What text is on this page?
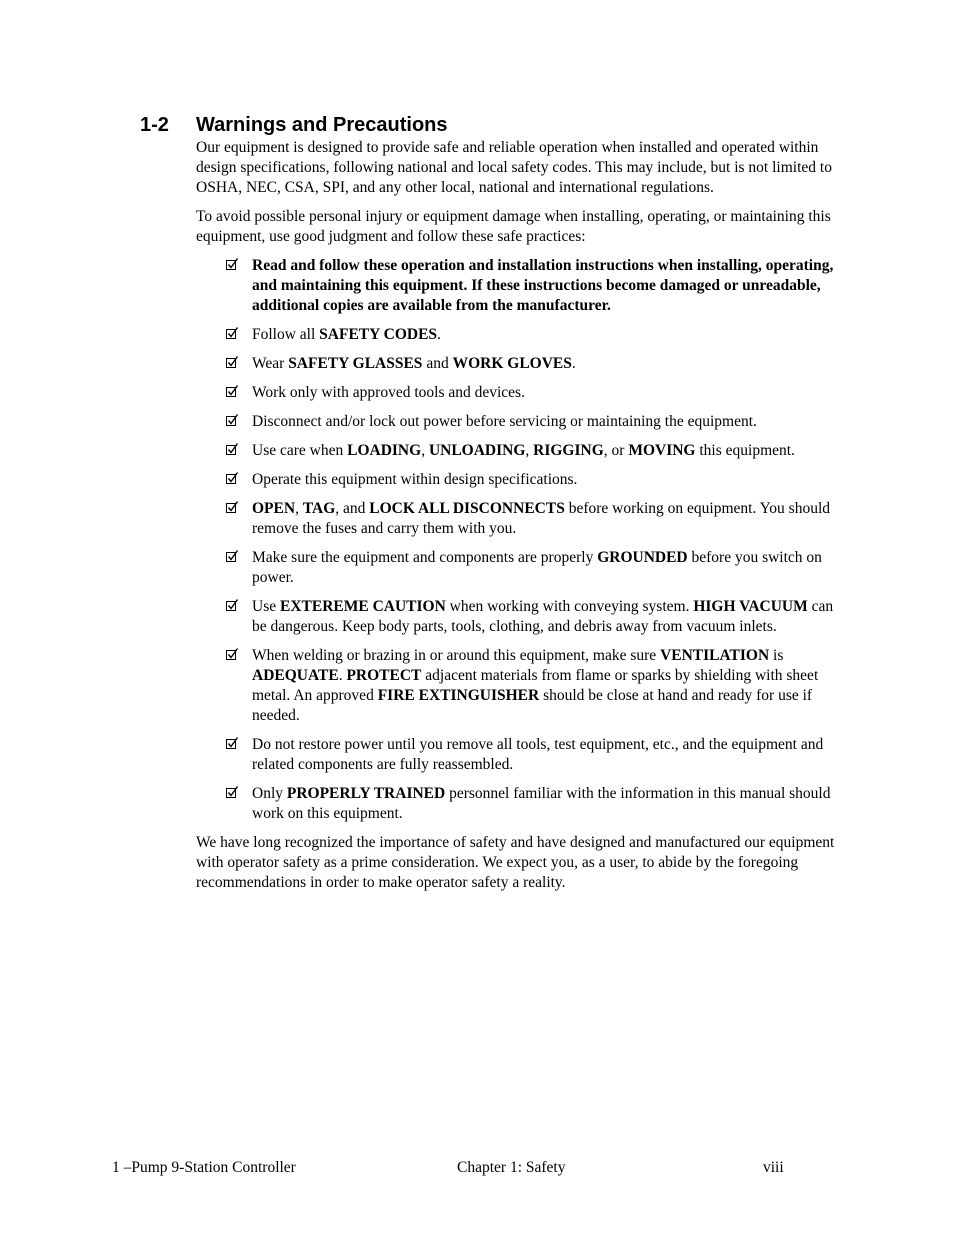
1-2 Warnings and Precautions

Our equipment is designed to provide safe and reliable operation when installed and operated within design specifications, following national and local safety codes. This may include, but is not limited to OSHA, NEC, CSA, SPI, and any other local, national and international regulations.

To avoid possible personal injury or equipment damage when installing, operating, or maintaining this equipment, use good judgment and follow these safe practices:

Read and follow these operation and installation instructions when installing, operating, and maintaining this equipment. If these instructions become damaged or unreadable, additional copies are available from the manufacturer.
Follow all SAFETY CODES.
Wear SAFETY GLASSES and WORK GLOVES.
Work only with approved tools and devices.
Disconnect and/or lock out power before servicing or maintaining the equipment.
Use care when LOADING, UNLOADING, RIGGING, or MOVING this equipment.
Operate this equipment within design specifications.
OPEN, TAG, and LOCK ALL DISCONNECTS before working on equipment. You should remove the fuses and carry them with you.
Make sure the equipment and components are properly GROUNDED before you switch on power.
Use EXTEREME CAUTION when working with conveying system. HIGH VACUUM can be dangerous. Keep body parts, tools, clothing, and debris away from vacuum inlets.
When welding or brazing in or around this equipment, make sure VENTILATION is ADEQUATE. PROTECT adjacent materials from flame or sparks by shielding with sheet metal. An approved FIRE EXTINGUISHER should be close at hand and ready for use if needed.
Do not restore power until you remove all tools, test equipment, etc., and the equipment and related components are fully reassembled.
Only PROPERLY TRAINED personnel familiar with the information in this manual should work on this equipment.

We have long recognized the importance of safety and have designed and manufactured our equipment with operator safety as a prime consideration. We expect you, as a user, to abide by the foregoing recommendations in order to make operator safety a reality.

1 –Pump 9-Station Controller	Chapter 1: Safety	viii
